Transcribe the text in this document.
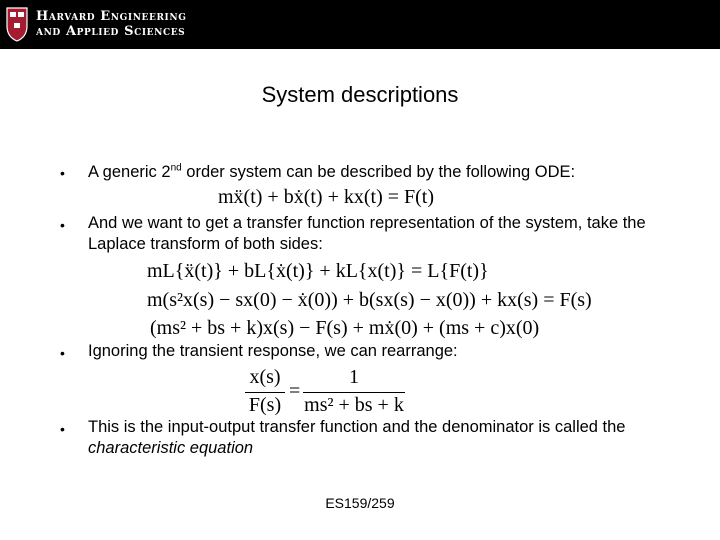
Harvard Engineering
and Applied Sciences
System descriptions
• A generic 2nd order system can be described by the following ODE:
mẍ(t) + bẋ(t) + kx(t) = F(t)
• And we want to get a transfer function representation of the system, take the Laplace transform of both sides:
mL{ẍ(t)} + bL{ẋ(t)} + kL{x(t)} = L{F(t)}
m(s²x(s) − sx(0) − ẋ(0)) + b(sx(s) − x(0)) + kx(s) = F(s)
(ms² + bs + k)x(s) − F(s) + mẋ(0) + (ms + c)x(0)
• Ignoring the transient response, we can rearrange:
x(s)
F(s)
=
1
ms² + bs + k
• This is the input-output transfer function and the denominator is called the characteristic equation
ES159/259
